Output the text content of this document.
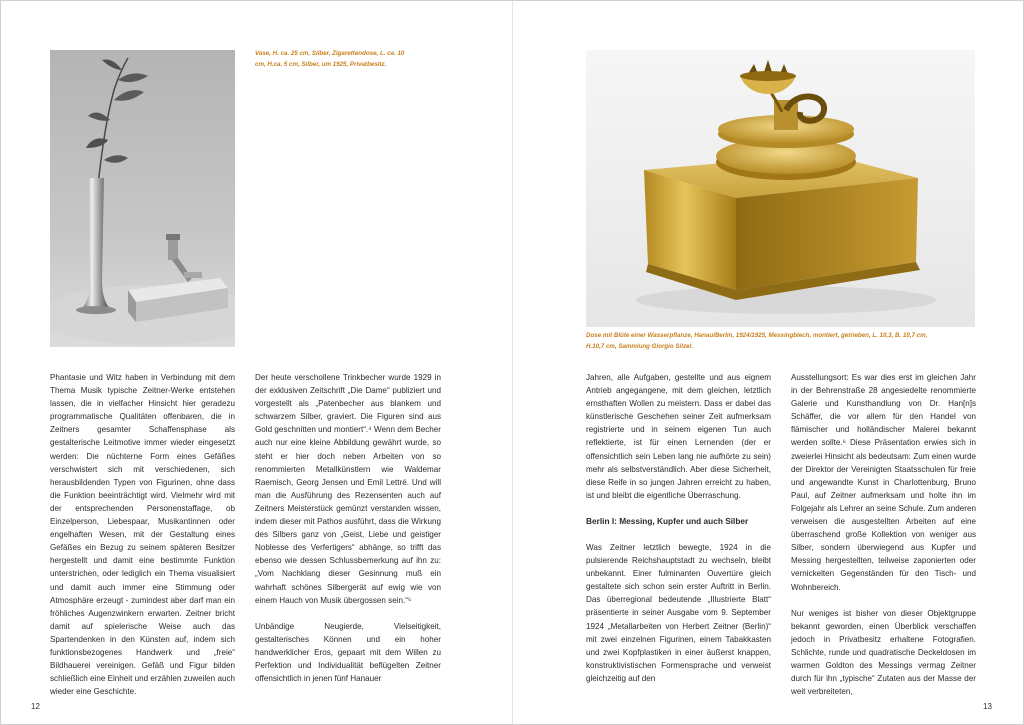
Vase, H. ca. 25 cm, Silber, Zigarettendose, L. ca. 10 cm, H.ca. 5 cm, Silber, um 1925, Privatbesitz.
Dose mit Blüte einer Wasserpflanze, Hanau/Berlin, 1924/1925, Messingblech, montiert, getrieben, L. 10,3, B. 10,7 cm, H.10,7 cm, Sammlung Giorgio Silzer.

Phantasie und Witz haben in Verbindung mit dem Thema Musik typische Zeitner-Werke entstehen lassen, die in vielfacher Hinsicht hier geradezu programmatische Qualitäten offenbaren, die in Zeitners gesamter Schaffensphase als gestalterische Leitmotive immer wieder eingesetzt werden: Die nüchterne Form eines Gefäßes verschwistert sich mit verschiedenen, sich herausbildenden Typen von Figurinen, ohne dass die Funktion beeinträchtigt wird. Vielmehr wird mit der entsprechenden Personenstaffage, ob Einzelperson, Liebespaar, Musikantinnen oder engelhaften Wesen, mit der Gestaltung eines Gefäßes ein Bezug zu seinem späteren Besitzer hergestellt und damit eine bestimmte Funktion unterstrichen, oder lediglich ein Thema visualisiert und damit auch immer eine Stimmung oder Atmosphäre erzeugt - zumindest aber darf man ein fröhliches Augenzwinkern erwarten. Zeitner bricht damit auf spielerische Weise auch das Spartendenken in den Künsten auf, indem sich funktionsbezogenes Handwerk und „freie“ Bildhauerei vereinigen. Gefäß und Figur bilden schließlich eine Einheit und erzählen zuweilen auch wieder eine Geschichte.

Der heute verschollene Trinkbecher wurde 1929 in der exklusiven Zeitschrift „Die Dame“ publiziert und vorgestellt als „Patenbecher aus blankem und schwarzem Silber, graviert. Die Figuren sind aus Gold geschnitten und montiert“.⁴ Wenn dem Becher auch nur eine kleine Abbildung gewährt wurde, so steht er hier doch neben Arbeiten von so renommierten Metallkünstlern wie Waldemar Raemisch, Georg Jensen und Emil Lettré. Und will man die Ausführung des Rezensenten auch auf Zeitners Meisterstück gemünzt verstanden wissen, indem dieser mit Pathos ausführt, dass die Wirkung des Silbers ganz von „Geist, Liebe und geistiger Noblesse des Verfertigers“ abhänge, so trifft das ebenso wie dessen Schlussbemerkung auf ihn zu: „Vom Nachklang dieser Gesinnung muß ein wahrhaft schönes Silbergerät auf ewig wie von einem Hauch von Musik übergossen sein.“⁵

Unbändige Neugierde, Vielseitigkeit, gestalterisches Können und ein hoher handwerklicher Eros, gepaart mit dem Willen zu Perfektion und Individualität beflügelten Zeitner offensichtlich in jenen fünf Hanauer

Jahren, alle Aufgaben, gestellte und aus eignem Antrieb angegangene, mit dem gleichen, letztlich ernsthaften Wollen zu meistern. Dass er dabei das künstlerische Geschehen seiner Zeit aufmerksam registrierte und in seinem eigenen Tun auch reflektierte, ist für einen Lernenden (der er offensichtlich sein Leben lang nie aufhörte zu sein) mehr als selbstverständlich. Aber diese Sicherheit, diese Reife in so jungen Jahren erreicht zu haben, ist und bleibt die eigentliche Überraschung.

Berlin I: Messing, Kupfer und auch Silber

Was Zeitner letztlich bewegte, 1924 in die pulsierende Reichshauptstadt zu wechseln, bleibt unbekannt. Einer fulminanten Ouvertüre gleich gestaltete sich schon sein erster Auftritt in Berlin. Das überregional bedeutende „Illustrierte Blatt“ präsentierte in seiner Ausgabe vom 9. September 1924 „Metallarbeiten von Herbert Zeitner (Berlin)“ mit zwei einzelnen Figurinen, einem Tabakkasten und zwei Kopfplastiken in einer äußerst knappen, konstruktivistischen Formensprache und verweist gleichzeitig auf den

Ausstellungsort: Es war dies erst im gleichen Jahr in der Behrenstraße 28 angesiedelte renommierte Galerie und Kunsthandlung von Dr. Han[n]s Schäffer, die vor allem für den Handel von flämischer und holländischer Malerei bekannt werden sollte.⁶ Diese Präsentation erwies sich in zweierlei Hinsicht als bedeutsam: Zum einen wurde der Direktor der Vereinigten Staatsschulen für freie und angewandte Kunst in Charlottenburg, Bruno Paul, auf Zeitner aufmerksam und holte ihn im Folgejahr als Lehrer an seine Schule. Zum anderen verweisen die ausgestellten Arbeiten auf eine überraschend große Kollektion von weniger aus Silber, sondern überwiegend aus Kupfer und Messing hergestellten, teilweise zaponierten oder vernickelten Gegenständen für den Tisch- und Wohnbereich.

Nur weniges ist bisher von dieser Objektgruppe bekannt geworden, einen Überblick verschaffen jedoch in Privatbesitz erhaltene Fotografien. Schlichte, runde und quadratische Deckeldosen im warmen Goldton des Messings vermag Zeitner durch für ihn „typische“ Zutaten aus der Masse der weit verbreiteten,

12	13
